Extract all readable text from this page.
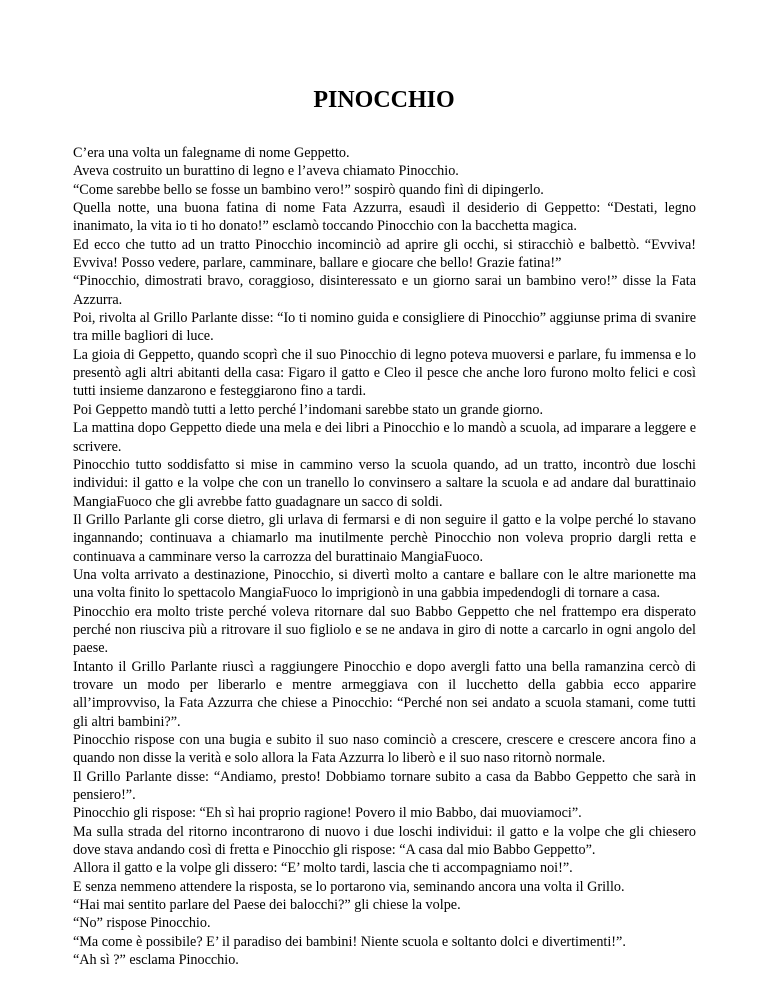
PINOCCHIO

C’era una volta un falegname di nome Geppetto.

Aveva costruito un burattino di legno e l’aveva chiamato Pinocchio.

“Come sarebbe bello se fosse un bambino vero!” sospirò quando finì di dipingerlo.

Quella notte, una buona fatina di nome Fata Azzurra, esaudì il desiderio di Geppetto: “Destati, legno inanimato, la vita io ti ho donato!” esclamò toccando Pinocchio con la bacchetta magica.

Ed ecco che tutto ad un tratto Pinocchio incominciò ad aprire gli occhi, si stiracchiò e balbettò. “Evviva! Evviva! Posso vedere, parlare, camminare, ballare e giocare che bello! Grazie fatina!”

“Pinocchio, dimostrati bravo, coraggioso, disinteressato e un giorno sarai un bambino vero!” disse la Fata Azzurra.

Poi, rivolta al Grillo Parlante disse: “Io ti nomino guida e consigliere di Pinocchio” aggiunse prima di svanire tra mille bagliori di luce.

La gioia di Geppetto, quando scoprì che il suo Pinocchio di legno poteva muoversi e parlare, fu immensa e lo presentò agli altri abitanti della casa: Figaro il gatto e Cleo il pesce che anche loro furono molto felici e così tutti insieme danzarono e festeggiarono fino a tardi.

Poi Geppetto mandò tutti a letto perché l’indomani sarebbe stato un grande giorno.

La mattina dopo Geppetto diede una mela e dei libri a Pinocchio e lo mandò a scuola, ad imparare a leggere e scrivere.

Pinocchio tutto soddisfatto si mise in cammino verso la scuola quando, ad un tratto, incontrò due loschi individui: il gatto e la volpe che con un tranello lo convinsero a saltare la scuola e ad andare dal burattinaio MangiaFuoco che gli avrebbe fatto guadagnare un sacco di soldi.

Il Grillo Parlante gli corse dietro, gli urlava di fermarsi e di non seguire il gatto e la volpe perché lo stavano ingannando; continuava a chiamarlo ma inutilmente perchè Pinocchio non voleva proprio dargli retta e continuava a camminare verso la carrozza del burattinaio MangiaFuoco.

Una volta arrivato a destinazione, Pinocchio, si divertì molto a cantare e ballare con le altre marionette ma una volta finito lo spettacolo MangiaFuoco lo imprigionò in una gabbia impedendogli di tornare a casa.

Pinocchio era molto triste perché voleva ritornare dal suo Babbo Geppetto che nel frattempo era disperato perché non riusciva più a ritrovare il suo figliolo e se ne andava in giro di notte a carcarlo in ogni angolo del paese.

Intanto il Grillo Parlante riuscì a raggiungere Pinocchio e dopo avergli fatto una bella ramanzina cercò di trovare un modo per liberarlo e mentre armeggiava con il lucchetto della gabbia ecco apparire all’improvviso, la Fata Azzurra che chiese a Pinocchio: “Perché non sei andato a scuola stamani, come tutti gli altri bambini?”.

Pinocchio rispose con una bugia e subito il suo naso cominciò a crescere, crescere e crescere ancora fino a quando non disse la verità e solo allora la Fata Azzurra lo liberò e il suo naso ritornò normale.

Il Grillo Parlante disse: “Andiamo, presto! Dobbiamo tornare subito a casa da Babbo Geppetto che sarà in pensiero!”.

Pinocchio gli rispose: “Eh sì hai proprio ragione! Povero il mio Babbo, dai muoviamoci”.

Ma sulla strada del ritorno incontrarono di nuovo i due loschi individui: il gatto e la volpe che gli chiesero dove stava andando così di fretta e Pinocchio gli rispose: “A casa dal mio Babbo Geppetto”.

Allora il gatto e la volpe gli dissero: “E’ molto tardi, lascia che ti accompagniamo noi!”.

E senza nemmeno attendere la risposta, se lo portarono via, seminando ancora una volta il Grillo.

“Hai mai sentito parlare del Paese dei balocchi?” gli chiese la volpe.

“No” rispose Pinocchio.

“Ma come è possibile? E’ il paradiso dei bambini! Niente scuola e soltanto dolci e divertimenti!”.

“Ah sì ?” esclama Pinocchio.
